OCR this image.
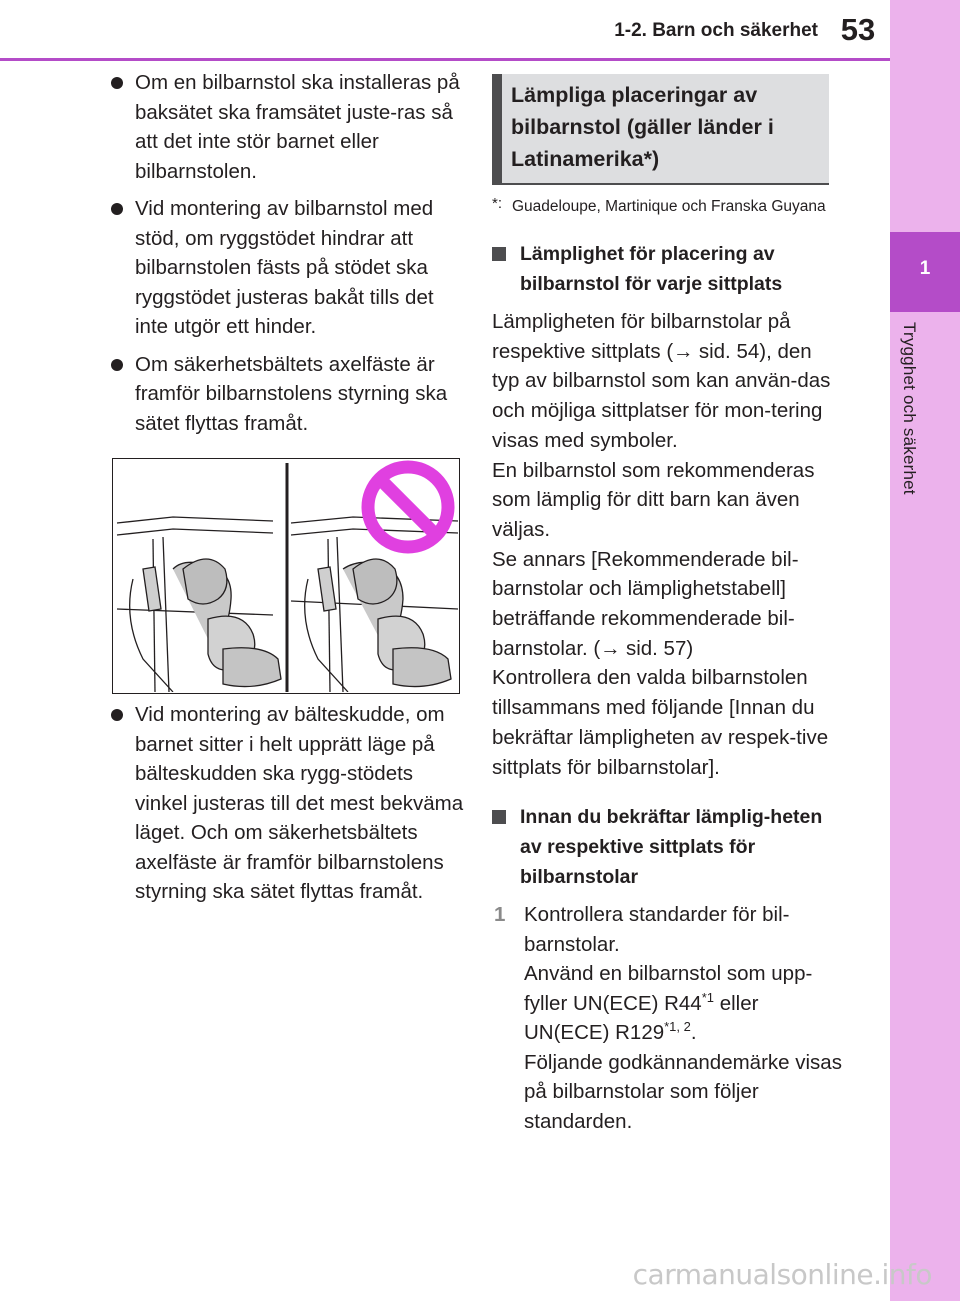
1-2. Barn och säkerhet 53
1
Trygghet och säkerhet
Om en bilbarnstol ska installeras på baksätet ska framsätet juste-ras så att det inte stör barnet eller bilbarnstolen.
Vid montering av bilbarnstol med stöd, om ryggstödet hindrar att bilbarnstolen fästs på stödet ska ryggstödet justeras bakåt tills det inte utgör ett hinder.
Om säkerhetsbältets axelfäste är framför bilbarnstolens styrning ska sätet flyttas framåt.
Vid montering av bälteskudde, om barnet sitter i helt upprätt läge på bälteskudden ska rygg-stödets vinkel justeras till det mest bekväma läget. Och om säkerhetsbältets axelfäste är framför bilbarnstolens styrning ska sätet flyttas framåt.
Lämpliga placeringar av bilbarnstol (gäller länder i Latinamerika*)
*: Guadeloupe, Martinique och Franska Guyana
Lämplighet för placering av bilbarnstol för varje sittplats
Lämpligheten för bilbarnstolar på respektive sittplats (→ sid. 54), den typ av bilbarnstol som kan använ-das och möjliga sittplatser för mon-tering visas med symboler.
En bilbarnstol som rekommenderas som lämplig för ditt barn kan även väljas.
Se annars [Rekommenderade bil-barnstolar och lämplighetstabell] beträffande rekommenderade bil-barnstolar. (→ sid. 57)
Kontrollera den valda bilbarnstolen tillsammans med följande [Innan du bekräftar lämpligheten av respek-tive sittplats för bilbarnstolar].
Innan du bekräftar lämplig-heten av respektive sittplats för bilbarnstolar
1 Kontrollera standarder för bil-barnstolar.
Använd en bilbarnstol som upp-fyller UN(ECE) R44$^{*1}$ eller UN(ECE) R129$^{*1, 2}$.
Följande godkännandemärke visas på bilbarnstolar som följer standarden.
carmanualsonline.info
